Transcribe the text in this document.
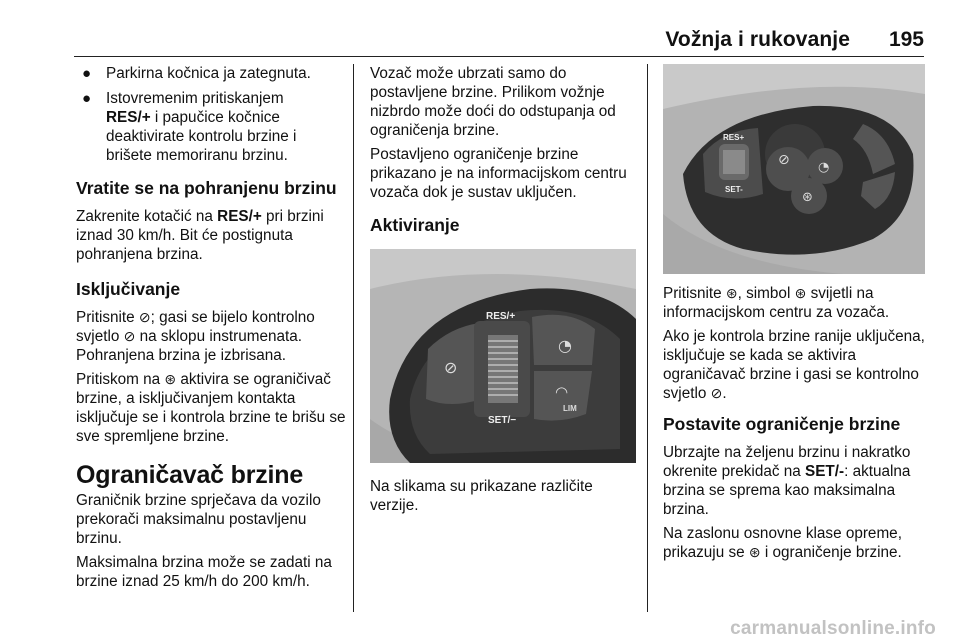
Vožnja i rukovanje 195
● Parkirna kočnica ja zategnuta.
● Istovremenim pritiskanjem
RES/+ i papučice kočnice deaktivirate kontrolu brzine i brišete memoriranu brzinu.
Vratite se na pohranjenu brzinu

Zakrenite kotačić na RES/+ pri brzini iznad 30 km/h. Bit će postignuta pohranjena brzina.

Isključivanje

Pritisnite ⊘; gasi se bijelo kontrolno svjetlo ⊘ na sklopu instrumenata. Pohranjena brzina je izbrisana.

Pritiskom na ⊛ aktivira se ograničivač brzine, a isključivanjem kontakta isključuje se i kontrola brzine te brišu se sve spremljene brzine.

Ograničavač brzine

Graničnik brzine sprječava da vozilo prekorači maksimalnu postavljenu brzinu.

Maksimalna brzina može se zadati na brzine iznad 25 km/h do 200 km/h.

Vozač može ubrzati samo do postavljene brzine. Prilikom vožnje nizbrdo može doći do odstupanja od ograničenja brzine.

Postavljeno ograničenje brzine prikazano je na informacijskom centru vozača dok je sustav uključen.

Aktiviranje
⊘
RES/+
SET/−
◔
◠
LIM

Na slikama su prikazane različite verzije.

RES+
SET-
⊘ ◔
⊛

Pritisnite ⊛, simbol ⊛ svijetli na informacijskom centru za vozača.

Ako je kontrola brzine ranije uključena, isključuje se kada se aktivira ograničavač brzine i gasi se kontrolno svjetlo ⊘.

Postavite ograničenje brzine

Ubrzajte na željenu brzinu i nakratko okrenite prekidač na SET/-: aktualna brzina se sprema kao maksimalna brzina.

Na zaslonu osnovne klase opreme, prikazuju se ⊛ i ograničenje brzine.

carmanualsonline.info
